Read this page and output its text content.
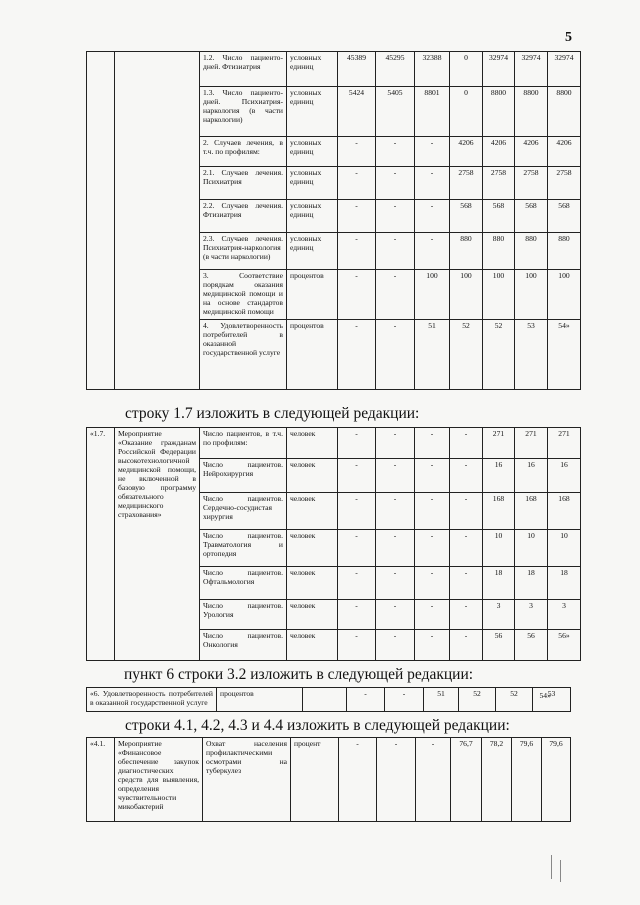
5
		1.2. Число пациенто-дней. Фтизиатрия	условных единиц	45389	45295	32388	0	32974	32974	32974
		1.3. Число пациенто-дней. Психиатрия-наркология (в части наркологии)	условных единиц	5424	5405	8801	0	8800	8800	8800
		2. Случаев лечения, в т.ч. по профилям:	условных единиц	-	-	-	4206	4206	4206	4206
		2.1. Случаев лечения. Психиатрия	условных единиц	-	-	-	2758	2758	2758	2758
		2.2. Случаев лечения. Фтизиатрия	условных единиц	-	-	-	568	568	568	568
		2.3. Случаев лечения. Психиатрия-наркология (в части наркологии)	условных единиц	-	-	-	880	880	880	880
		3. Соответствие порядкам оказания медицинской помощи и на основе стандартов медицинской помощи	процентов	-	-	100	100	100	100	100
		4. Удовлетворенность потребителей в оказанной государственной услуге	процентов	-	-	51	52	52	53	54»
строку 1.7 изложить в следующей редакции:
«1.7.	Мероприятие «Оказание гражданам Российской Федерации высокотехнологичной медицинской помощи, не включенной в базовую программу обязательного медицинского страхования»	Число пациентов, в т.ч. по профилям:	человек	-	-	-	-	271	271	271
		Число пациентов. Нейрохирургия	человек	-	-	-	-	16	16	16
		Число пациентов. Сердечно-сосудистая хирургия	человек	-	-	-	-	168	168	168
		Число пациентов. Травматология и ортопедия	человек	-	-	-	-	10	10	10
		Число пациентов. Офтальмология	человек	-	-	-	-	18	18	18
		Число пациентов. Урология	человек	-	-	-	-	3	3	3
		Число пациентов. Онкология	человек	-	-	-	-	56	56	56»
пункт 6 строки 3.2 изложить в следующей редакции:
«6. Удовлетворенность потребителей в оказанной государственной услуге	процентов		-	-	51	52	52	53

54»
строки 4.1, 4.2, 4.3 и 4.4 изложить в следующей редакции:
«4.1.	Мероприятие «Финансовое обеспечение закупок диагностических средств для выявления, определения чувствительности микобактерий	Охват населения профилактическими осмотрами на туберкулез	процент	-	-	-	76,7	78,2	79,6	79,6
